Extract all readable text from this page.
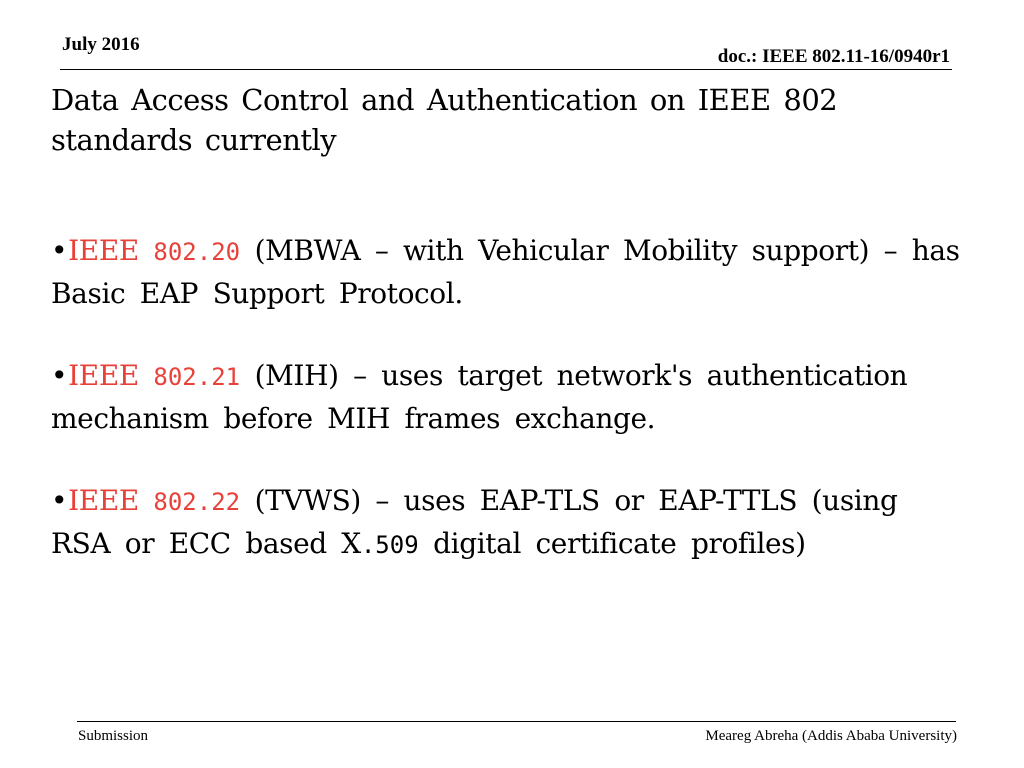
July 2016
doc.: IEEE 802.11-16/0940r1
Data Access Control and Authentication on IEEE 802 standards currently
•IEEE 802.20 (MBWA – with Vehicular Mobility support) – has Basic EAP Support Protocol.
•IEEE 802.21 (MIH) – uses target network's authentication mechanism before MIH frames exchange.
•IEEE 802.22 (TVWS) – uses EAP-TLS or EAP-TTLS (using RSA or ECC based X.509 digital certificate profiles)
Submission	Meareg Abreha (Addis Ababa University)
